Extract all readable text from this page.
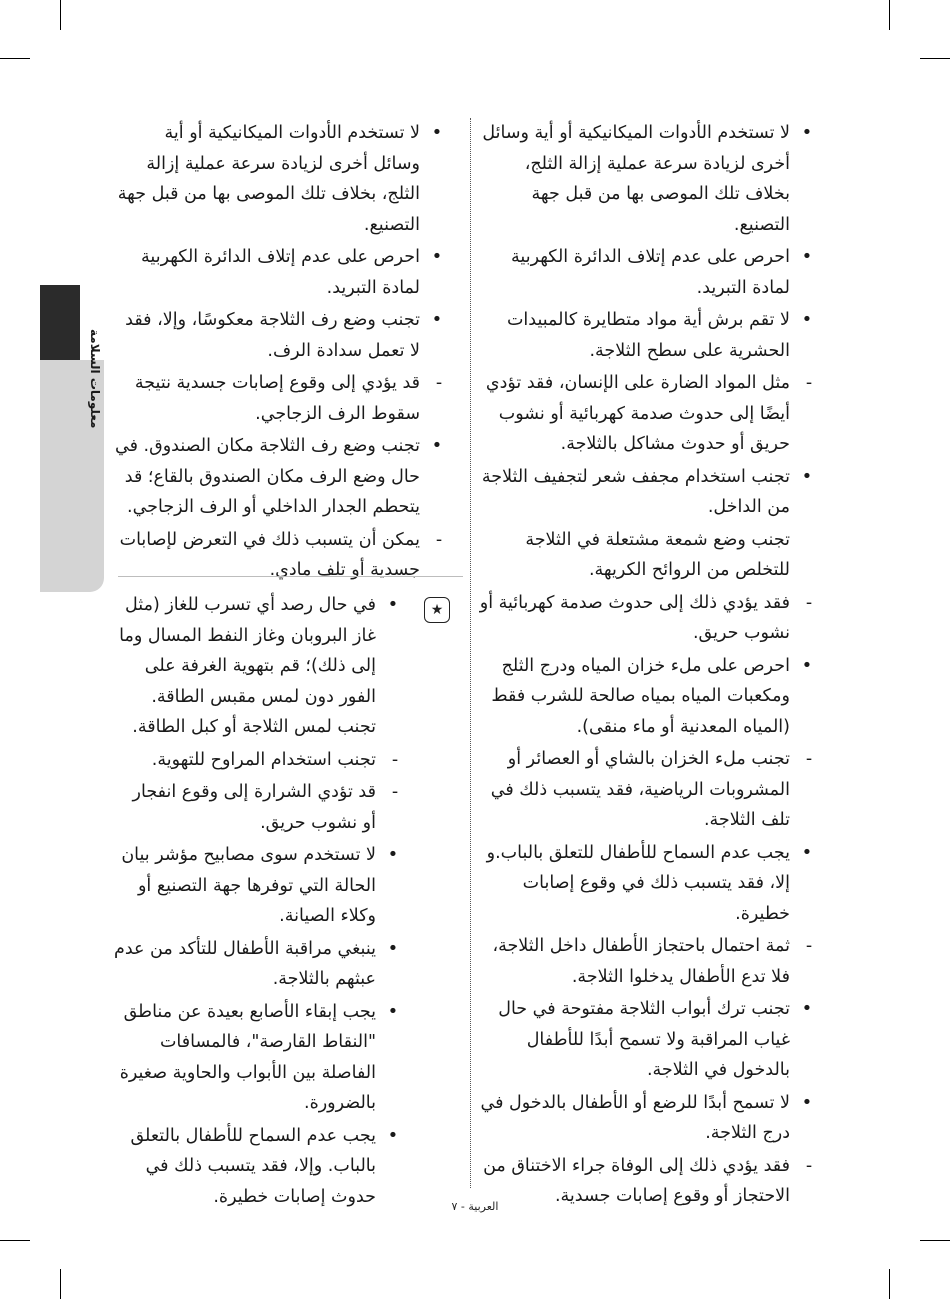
معلومات السلامة
• لا تستخدم الأدوات الميكانيكية أو أية وسائل أخرى لزيادة سرعة عملية إزالة الثلج، بخلاف تلك الموصى بها من قبل جهة التصنيع.
• احرص على عدم إتلاف الدائرة الكهربية لمادة التبريد.
• لا تقم برش أية مواد متطايرة كالمبيدات الحشرية على سطح الثلاجة.
- مثل المواد الضارة على الإنسان، فقد تؤدي أيضًا إلى حدوث صدمة كهربائية أو نشوب حريق أو حدوث مشاكل بالثلاجة.
• تجنب استخدام مجفف شعر لتجفيف الثلاجة من الداخل.
تجنب وضع شمعة مشتعلة في الثلاجة للتخلص من الروائح الكريهة.
- فقد يؤدي ذلك إلى حدوث صدمة كهربائية أو نشوب حريق.
• احرص على ملء خزان المياه ودرج الثلج ومكعبات المياه بمياه صالحة للشرب فقط (المياه المعدنية أو ماء منقى).
- تجنب ملء الخزان بالشاي أو العصائر أو المشروبات الرياضية، فقد يتسبب ذلك في تلف الثلاجة.
• يجب عدم السماح للأطفال للتعلق بالباب.و إلا، فقد يتسبب ذلك في وقوع إصابات خطيرة.
- ثمة احتمال باحتجاز الأطفال داخل الثلاجة، فلا تدع الأطفال يدخلوا الثلاجة.
• تجنب ترك أبواب الثلاجة مفتوحة في حال غياب المراقبة ولا تسمح أبدًا للأطفال بالدخول في الثلاجة.
• لا تسمح أبدًا للرضع أو الأطفال بالدخول في درج الثلاجة.
- فقد يؤدي ذلك إلى الوفاة جراء الاختناق من الاحتجاز أو وقوع إصابات جسدية.
• لا تستخدم الأدوات الميكانيكية أو أية وسائل أخرى لزيادة سرعة عملية إزالة الثلج، بخلاف تلك الموصى بها من قبل جهة التصنيع.
• احرص على عدم إتلاف الدائرة الكهربية لمادة التبريد.
• تجنب وضع رف الثلاجة معكوسًا، وإلا، فقد لا تعمل سدادة الرف.
- قد يؤدي إلى وقوع إصابات جسدية نتيجة سقوط الرف الزجاجي.
• تجنب وضع رف الثلاجة مكان الصندوق. في حال وضع الرف مكان الصندوق بالقاع؛ قد يتحطم الجدار الداخلي أو الرف الزجاجي.
- يمكن أن يتسبب ذلك في التعرض لإصابات جسدية أو تلف مادي.
★
• في حال رصد أي تسرب للغاز (مثل غاز البروبان وغاز النفط المسال وما إلى ذلك)؛ قم بتهوية الغرفة على الفور دون لمس مقبس الطاقة. تجنب لمس الثلاجة أو كبل الطاقة.
- تجنب استخدام المراوح للتهوية.
- قد تؤدي الشرارة إلى وقوع انفجار أو نشوب حريق.
• لا تستخدم سوى مصابيح مؤشر بيان الحالة التي توفرها جهة التصنيع أو وكلاء الصيانة.
• ينبغي مراقبة الأطفال للتأكد من عدم عبثهم بالثلاجة.
• يجب إبقاء الأصابع بعيدة عن مناطق "النقاط القارصة"، فالمسافات الفاصلة بين الأبواب والحاوية صغيرة بالضرورة.
• يجب عدم السماح للأطفال بالتعلق بالباب. وإلا، فقد يتسبب ذلك في حدوث إصابات خطيرة.	العربية - ٧
